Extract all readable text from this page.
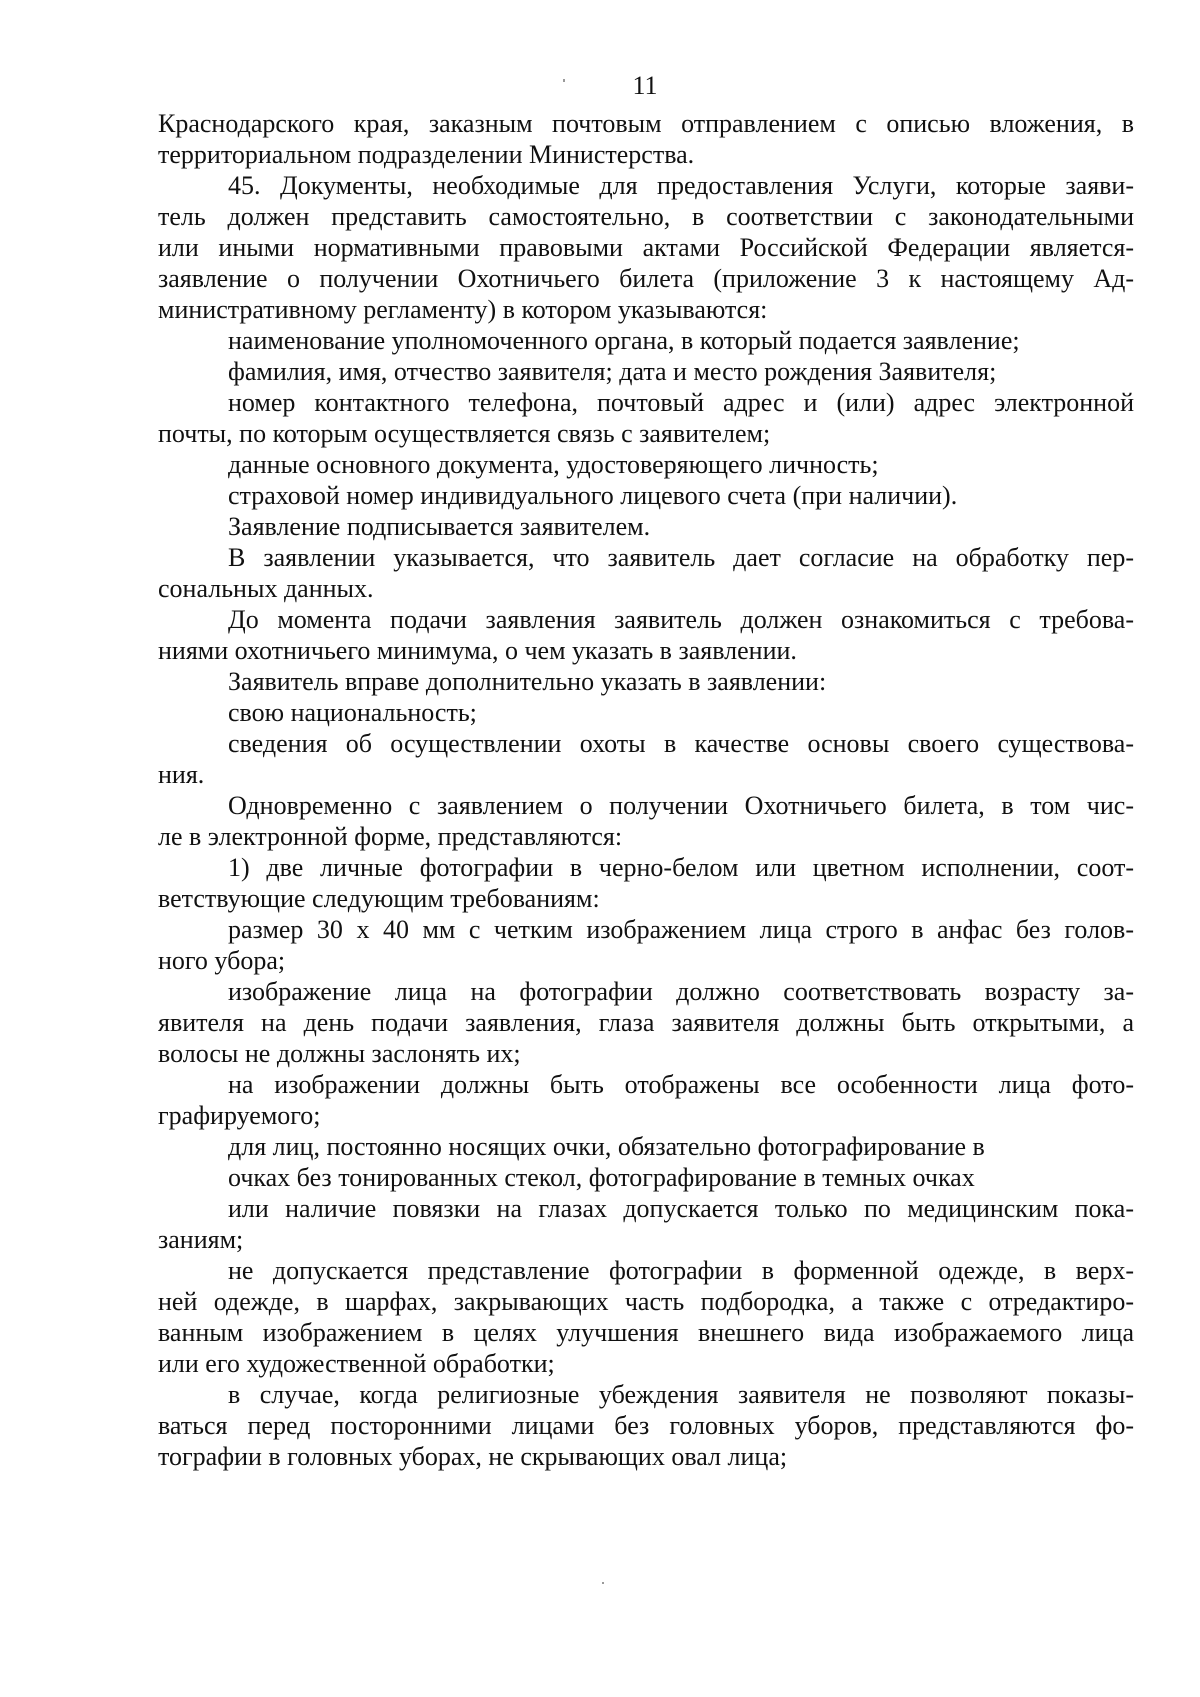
11
Краснодарского края, заказным почтовым отправлением с описью вложения, в
территориальном подразделении Министерства.
45. Документы, необходимые для предоставления Услуги, которые заяви-
тель должен представить самостоятельно, в соответствии с законодательными
или иными нормативными правовыми актами Российской Федерации является-
заявление о получении Охотничьего билета (приложение 3 к настоящему Ад-
министративному регламенту) в котором указываются:
наименование уполномоченного органа, в который подается заявление;
фамилия, имя, отчество заявителя; дата и место рождения Заявителя;
номер контактного телефона, почтовый адрес и (или) адрес электронной
почты, по которым осуществляется связь с заявителем;
данные основного документа, удостоверяющего личность;
страховой номер индивидуального лицевого счета (при наличии).
Заявление подписывается заявителем.
В заявлении указывается, что заявитель дает согласие на обработку пер-
сональных данных.
До момента подачи заявления заявитель должен ознакомиться с требова-
ниями охотничьего минимума, о чем указать в заявлении.
Заявитель вправе дополнительно указать в заявлении:
свою национальность;
сведения об осуществлении охоты в качестве основы своего существова-
ния.
Одновременно с заявлением о получении Охотничьего билета, в том чис-
ле в электронной форме, представляются:
1) две личные фотографии в черно-белом или цветном исполнении, соот-
ветствующие следующим требованиям:
размер 30 х 40 мм с четким изображением лица строго в анфас без голов-
ного убора;
изображение лица на фотографии должно соответствовать возрасту за-
явителя на день подачи заявления, глаза заявителя должны быть открытыми, а
волосы не должны заслонять их;
на изображении должны быть отображены все особенности лица фото-
графируемого;
для лиц, постоянно носящих очки, обязательно фотографирование в
очках без тонированных стекол, фотографирование в темных очках
или наличие повязки на глазах допускается только по медицинским пока-
заниям;
не допускается представление фотографии в форменной одежде, в верх-
ней одежде, в шарфах, закрывающих часть подбородка, а также с отредактиро-
ванным изображением в целях улучшения внешнего вида изображаемого лица
или его художественной обработки;
в случае, когда религиозные убеждения заявителя не позволяют показы-
ваться перед посторонними лицами без головных уборов, представляются фо-
тографии в головных уборах, не скрывающих овал лица;
